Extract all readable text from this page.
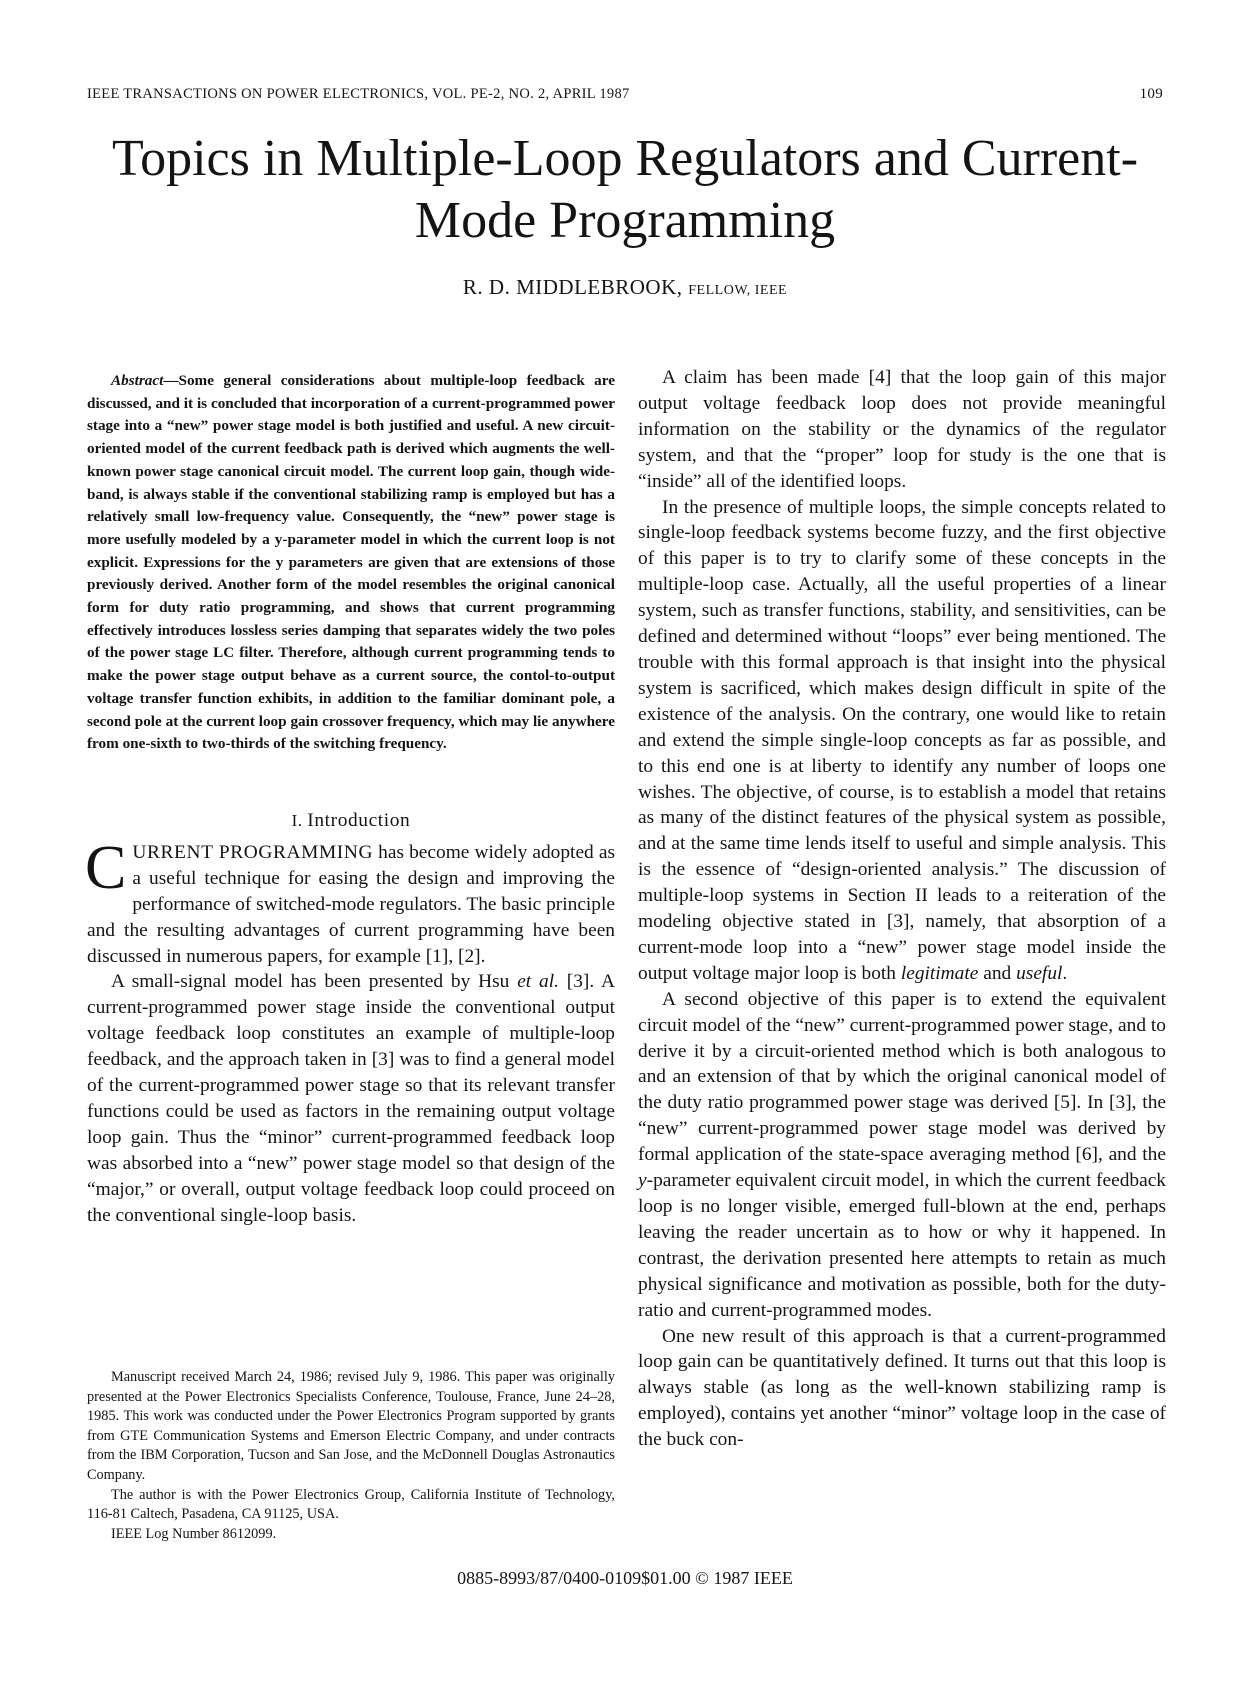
IEEE TRANSACTIONS ON POWER ELECTRONICS, VOL. PE-2, NO. 2, APRIL 1987	109
Topics in Multiple-Loop Regulators and Current-
Mode Programming
R. D. MIDDLEBROOK, FELLOW, IEEE

Abstract—Some general considerations about multiple-loop feedback are discussed, and it is concluded that incorporation of a current-programmed power stage into a “new” power stage model is both justified and useful. A new circuit-oriented model of the current feedback path is derived which augments the well-known power stage canonical circuit model. The current loop gain, though wide-band, is always stable if the conventional stabilizing ramp is employed but has a relatively small low-frequency value. Consequently, the “new” power stage is more usefully modeled by a y-parameter model in which the current loop is not explicit. Expressions for the y parameters are given that are extensions of those previously derived. Another form of the model resembles the original canonical form for duty ratio programming, and shows that current programming effectively introduces lossless series damping that separates widely the two poles of the power stage LC filter. Therefore, although current programming tends to make the power stage output behave as a current source, the contol-to-output voltage transfer function exhibits, in addition to the familiar dominant pole, a second pole at the current loop gain crossover frequency, which may lie anywhere from one-sixth to two-thirds of the switching frequency.

I. Introduction

CURRENT PROGRAMMING has become widely adopted as a useful technique for easing the design and improving the performance of switched-mode regulators. The basic principle and the resulting advantages of current programming have been discussed in numerous papers, for example [1], [2].

A small-signal model has been presented by Hsu et al. [3]. A current-programmed power stage inside the conventional output voltage feedback loop constitutes an example of multiple-loop feedback, and the approach taken in [3] was to find a general model of the current-programmed power stage so that its relevant transfer functions could be used as factors in the remaining output voltage loop gain. Thus the “minor” current-programmed feedback loop was absorbed into a “new” power stage model so that design of the “major,” or overall, output voltage feedback loop could proceed on the conventional single-loop basis.

Manuscript received March 24, 1986; revised July 9, 1986. This paper was originally presented at the Power Electronics Specialists Conference, Toulouse, France, June 24–28, 1985. This work was conducted under the Power Electronics Program supported by grants from GTE Communication Systems and Emerson Electric Company, and under contracts from the IBM Corporation, Tucson and San Jose, and the McDonnell Douglas Astronautics Company.

The author is with the Power Electronics Group, California Institute of Technology, 116-81 Caltech, Pasadena, CA 91125, USA.

IEEE Log Number 8612099.

A claim has been made [4] that the loop gain of this major output voltage feedback loop does not provide meaningful information on the stability or the dynamics of the regulator system, and that the “proper” loop for study is the one that is “inside” all of the identified loops.

In the presence of multiple loops, the simple concepts related to single-loop feedback systems become fuzzy, and the first objective of this paper is to try to clarify some of these concepts in the multiple-loop case. Actually, all the useful properties of a linear system, such as transfer functions, stability, and sensitivities, can be defined and determined without “loops” ever being mentioned. The trouble with this formal approach is that insight into the physical system is sacrificed, which makes design difficult in spite of the existence of the analysis. On the contrary, one would like to retain and extend the simple single-loop concepts as far as possible, and to this end one is at liberty to identify any number of loops one wishes. The objective, of course, is to establish a model that retains as many of the distinct features of the physical system as possible, and at the same time lends itself to useful and simple analysis. This is the essence of “design-oriented analysis.” The discussion of multiple-loop systems in Section II leads to a reiteration of the modeling objective stated in [3], namely, that absorption of a current-mode loop into a “new” power stage model inside the output voltage major loop is both legitimate and useful.

A second objective of this paper is to extend the equivalent circuit model of the “new” current-programmed power stage, and to derive it by a circuit-oriented method which is both analogous to and an extension of that by which the original canonical model of the duty ratio programmed power stage was derived [5]. In [3], the “new” current-programmed power stage model was derived by formal application of the state-space averaging method [6], and the y-parameter equivalent circuit model, in which the current feedback loop is no longer visible, emerged full-blown at the end, perhaps leaving the reader uncertain as to how or why it happened. In contrast, the derivation presented here attempts to retain as much physical significance and motivation as possible, both for the duty-ratio and current-programmed modes.

One new result of this approach is that a current-programmed loop gain can be quantitatively defined. It turns out that this loop is always stable (as long as the well-known stabilizing ramp is employed), contains yet another “minor” voltage loop in the case of the buck con-

0885-8993/87/0400-0109$01.00 © 1987 IEEE
